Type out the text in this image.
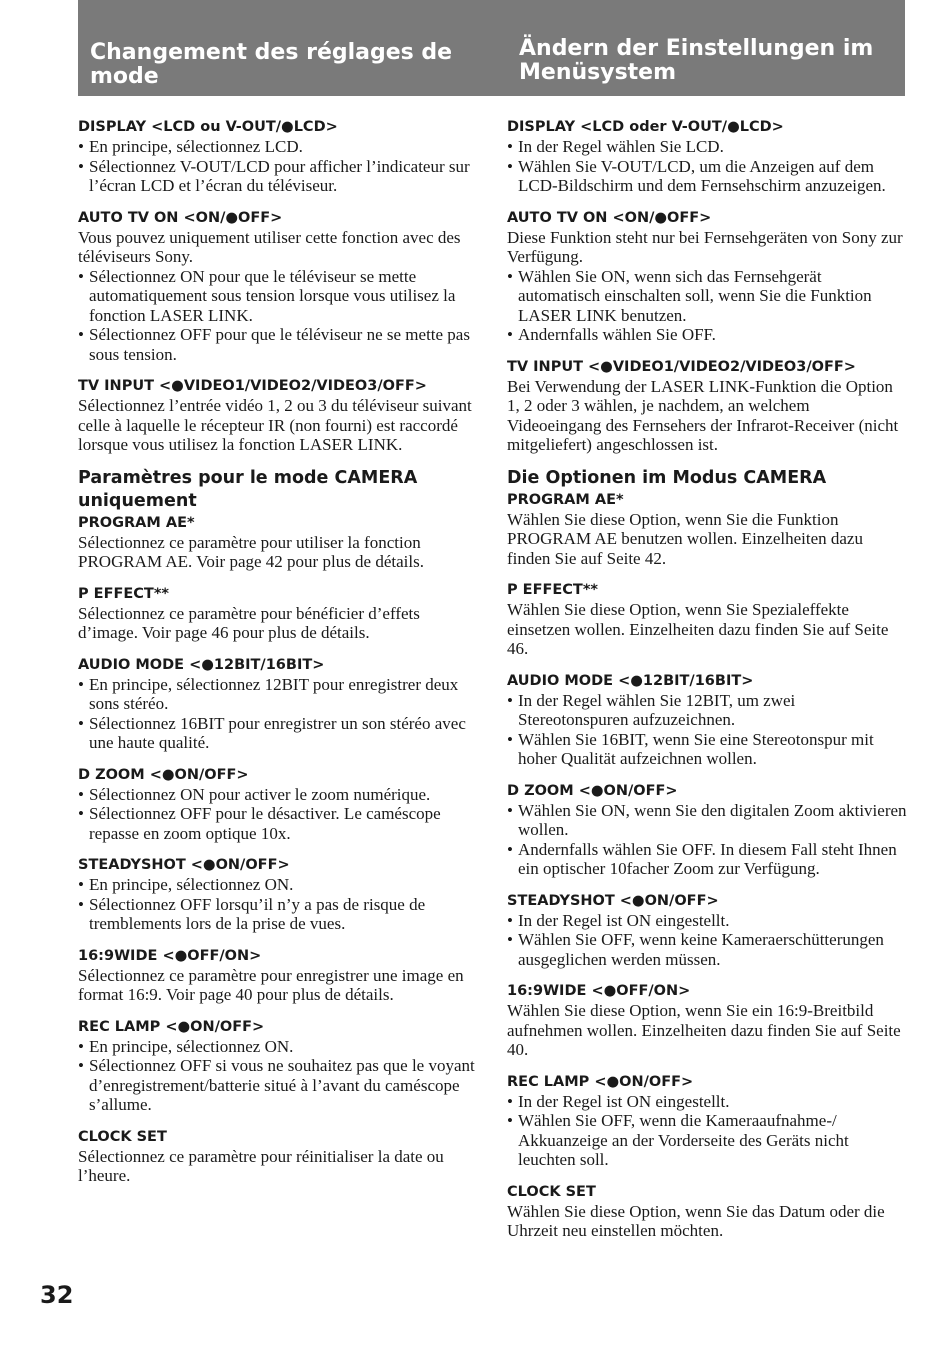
Changement des réglages de mode
Ändern der Einstellungen im Menüsystem
DISPLAY <LCD ou V-OUT/●LCD>
• En principe, sélectionnez LCD.
• Sélectionnez V-OUT/LCD pour afficher l’indicateur sur l’écran LCD et l’écran du téléviseur.
AUTO TV ON <ON/●OFF>
Vous pouvez uniquement utiliser cette fonction avec des téléviseurs Sony.
• Sélectionnez ON pour que le téléviseur se mette automatiquement sous tension lorsque vous utilisez la fonction LASER LINK.
• Sélectionnez OFF pour que le téléviseur ne se mette pas sous tension.
TV INPUT <●VIDEO1/VIDEO2/VIDEO3/OFF>
Sélectionnez l’entrée vidéo 1, 2 ou 3 du téléviseur suivant celle à laquelle le récepteur IR (non fourni) est raccordé lorsque vous utilisez la fonction LASER LINK.
Paramètres pour le mode CAMERA uniquement
PROGRAM AE*
Sélectionnez ce paramètre pour utiliser la fonction PROGRAM AE. Voir page 42 pour plus de détails.
P EFFECT**
Sélectionnez ce paramètre pour bénéficier d’effets d’image. Voir page 46 pour plus de détails.
AUDIO MODE <●12BIT/16BIT>
• En principe, sélectionnez 12BIT pour enregistrer deux sons stéréo.
• Sélectionnez 16BIT pour enregistrer un son stéréo avec une haute qualité.
D ZOOM <●ON/OFF>
• Sélectionnez ON pour activer le zoom numérique.
• Sélectionnez OFF pour le désactiver. Le caméscope repasse en zoom optique 10x.
STEADYSHOT <●ON/OFF>
• En principe, sélectionnez ON.
• Sélectionnez OFF lorsqu’il n’y a pas de risque de tremblements lors de la prise de vues.
16:9WIDE <●OFF/ON>
Sélectionnez ce paramètre pour enregistrer une image en format 16:9. Voir page 40 pour plus de détails.
REC LAMP <●ON/OFF>
• En principe, sélectionnez ON.
• Sélectionnez OFF si vous ne souhaitez pas que le voyant d’enregistrement/batterie situé à l’avant du caméscope s’allume.
CLOCK SET
Sélectionnez ce paramètre pour réinitialiser la date ou l’heure.
DISPLAY <LCD oder V-OUT/●LCD>
• In der Regel wählen Sie LCD.
• Wählen Sie V-OUT/LCD, um die Anzeigen auf dem LCD-Bildschirm und dem Fernsehschirm anzuzeigen.
AUTO TV ON <ON/●OFF>
Diese Funktion steht nur bei Fernsehgeräten von Sony zur Verfügung.
• Wählen Sie ON, wenn sich das Fernsehgerät automatisch einschalten soll, wenn Sie die Funktion LASER LINK benutzen.
• Andernfalls wählen Sie OFF.
TV INPUT <●VIDEO1/VIDEO2/VIDEO3/OFF>
Bei Verwendung der LASER LINK-Funktion die Option 1, 2 oder 3 wählen, je nachdem, an welchem Videoeingang des Fernsehers der Infrarot-Receiver (nicht mitgeliefert) angeschlossen ist.
Die Optionen im Modus CAMERA
PROGRAM AE*
Wählen Sie diese Option, wenn Sie die Funktion PROGRAM AE benutzen wollen. Einzelheiten dazu finden Sie auf Seite 42.
P EFFECT**
Wählen Sie diese Option, wenn Sie Spezialeffekte einsetzen wollen. Einzelheiten dazu finden Sie auf Seite 46.
AUDIO MODE <●12BIT/16BIT>
• In der Regel wählen Sie 12BIT, um zwei Stereotonspuren aufzuzeichnen.
• Wählen Sie 16BIT, wenn Sie eine Stereotonspur mit hoher Qualität aufzeichnen wollen.
D ZOOM <●ON/OFF>
• Wählen Sie ON, wenn Sie den digitalen Zoom aktivieren wollen.
• Andernfalls wählen Sie OFF. In diesem Fall steht Ihnen ein optischer 10facher Zoom zur Verfügung.
STEADYSHOT <●ON/OFF>
• In der Regel ist ON eingestellt.
• Wählen Sie OFF, wenn keine Kameraerschütterungen ausgeglichen werden müssen.
16:9WIDE <●OFF/ON>
Wählen Sie diese Option, wenn Sie ein 16:9-Breitbild aufnehmen wollen. Einzelheiten dazu finden Sie auf Seite 40.
REC LAMP <●ON/OFF>
• In der Regel ist ON eingestellt.
• Wählen Sie OFF, wenn die Kameraaufnahme-/ Akkuanzeige an der Vorderseite des Geräts nicht leuchten soll.
CLOCK SET
Wählen Sie diese Option, wenn Sie das Datum oder die Uhrzeit neu einstellen möchten.
32
